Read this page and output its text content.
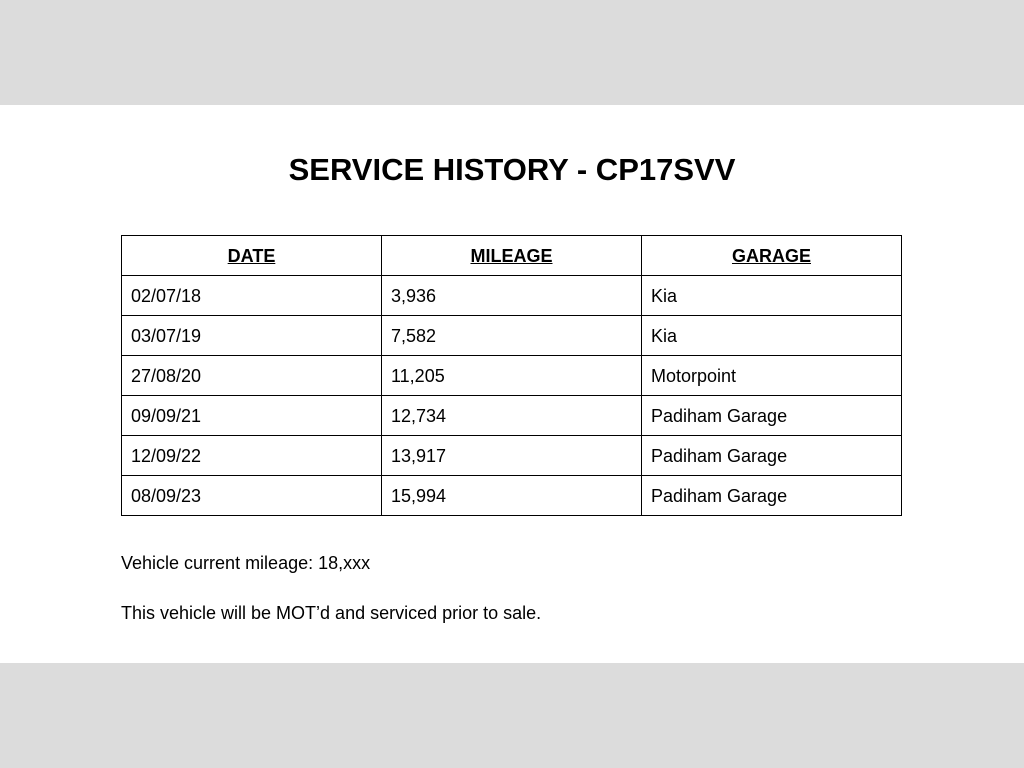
SERVICE HISTORY - CP17SVV
DATE	MILEAGE	GARAGE
02/07/18	3,936	Kia
03/07/19	7,582	Kia
27/08/20	11,205	Motorpoint
09/09/21	12,734	Padiham Garage
12/09/22	13,917	Padiham Garage
08/09/23	15,994	Padiham Garage
Vehicle current mileage: 18,xxx
This vehicle will be MOT’d and serviced prior to sale.
